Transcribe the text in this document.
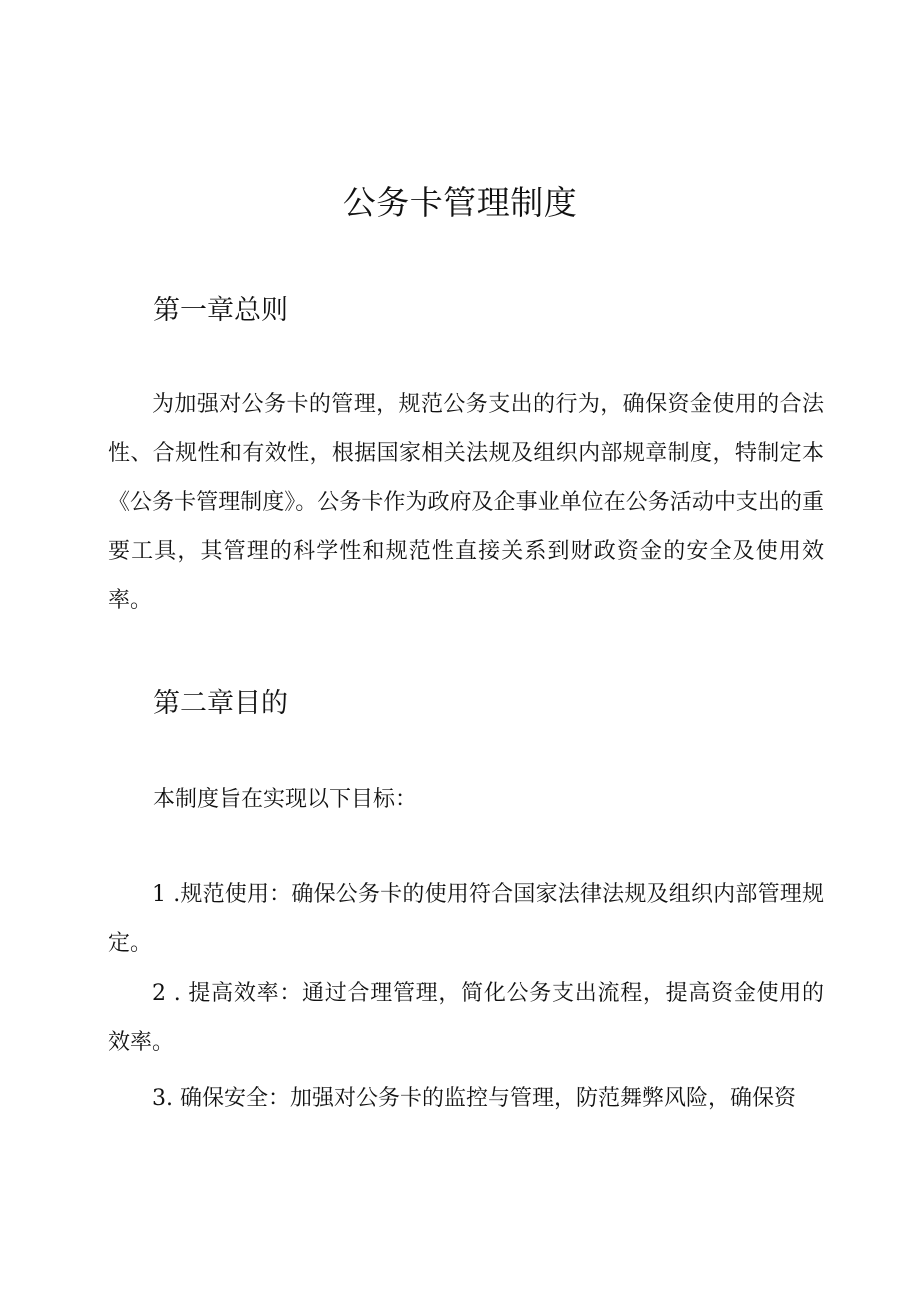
公务卡管理制度
第一章总则

为加强对公务卡的管理，规范公务支出的行为，确保资金使用的合法性、合规性和有效性，根据国家相关法规及组织内部规章制度，特制定本《公务卡管理制度》。公务卡作为政府及企事业单位在公务活动中支出的重要工具，其管理的科学性和规范性直接关系到财政资金的安全及使用效率。

第二章目的

本制度旨在实现以下目标：

1 .规范使用：确保公务卡的使用符合国家法律法规及组织内部管理规定。

2 . 提高效率：通过合理管理，简化公务支出流程，提高资金使用的效率。

3. 确保安全：加强对公务卡的监控与管理，防范舞弊风险，确保资
